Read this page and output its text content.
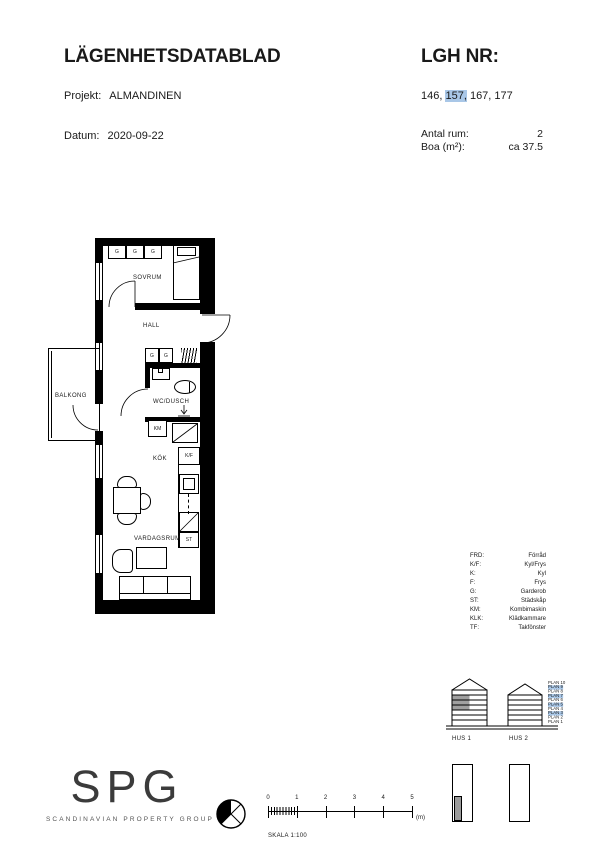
LÄGENHETSDATABLAD	LGH NR:
Projekt: ALMANDINEN	146, 157, 167, 177
Datum: 2020-09-22	Antal rum:	2
Boa (m²):	ca 37.5
BALKONG
G	G	G
SOVRUM
HALL
G G
WC/DUSCH
KM
K/F
KÖK
ST
VARDAGSRUM
FRD:	Förråd
K/F:	Kyl/Frys
K:	Kyl
F:	Frys
G:	Garderob
ST:	Städskåp
KM:	Kombimaskin
KLK:	Klädkammare
TF:	Takfönster
PLAN 10
PLAN 9
PLAN 8
PLAN 7
PLAN 6
PLAN 5
PLAN 4
PLAN 3
PLAN 2
PLAN 1
HUS 1	HUS 2
0	1	2	3	4	5
(m)
SKALA 1:100
SPG
SCANDINAVIAN PROPERTY GROUP
